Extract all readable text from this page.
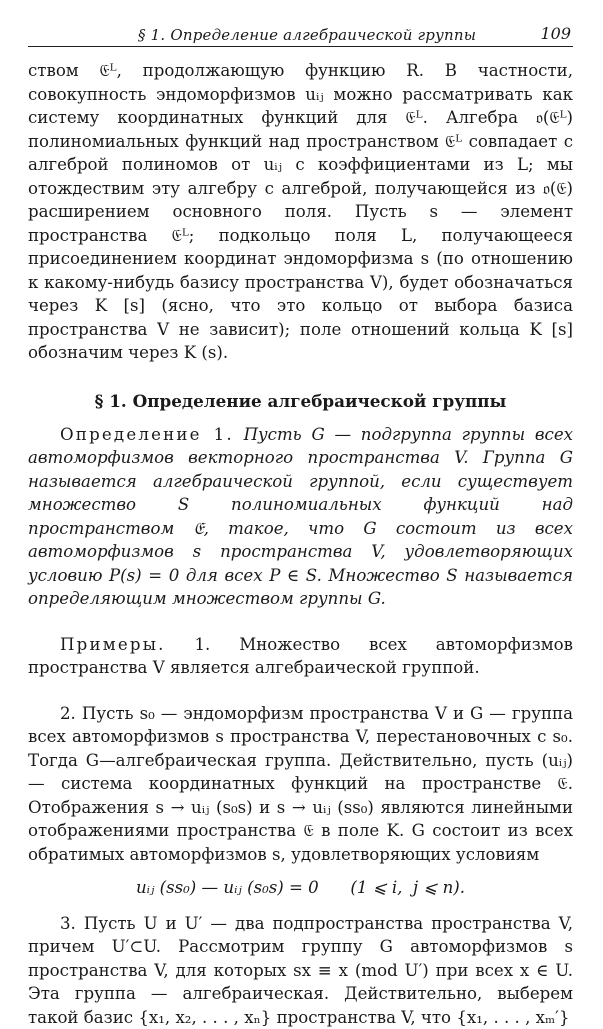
§ 1. Определение алгебраической группы	109

ством 𝔈ᴸ, продолжающую функцию R. В частности, совокупность эндоморфизмов uᵢⱼ можно рассматривать как систему координатных функций для 𝔈ᴸ. Алгебра 𝔬(𝔈ᴸ) полиномиальных функций над пространством 𝔈ᴸ совпадает с алгеброй полиномов от uᵢⱼ с коэффициентами из L; мы отождествим эту алгебру с алгеброй, получающейся из 𝔬(𝔈) расширением основного поля. Пусть s — элемент пространства 𝔈ᴸ; подкольцо поля L, получающееся присоединением координат эндоморфизма s (по отношению к какому-нибудь базису пространства V), будет обозначаться через K [s] (ясно, что это кольцо от выбора базиса пространства V не зависит); поле отношений кольца K [s] обозначим через K (s).

§ 1. Определение алгебраической группы

Определение 1. Пусть G — подгруппа группы всех автоморфизмов векторного пространства V. Группа G называется алгебраической группой, если существует множество S полиномиальных функций над пространством 𝔈, такое, что G состоит из всех автоморфизмов s пространства V, удовлетворяющих условию P(s) = 0 для всех P ∈ S. Множество S называется определяющим множеством группы G.

Примеры. 1. Множество всех автоморфизмов пространства V является алгебраической группой.

2. Пусть s₀ — эндоморфизм пространства V и G — группа всех автоморфизмов s пространства V, перестановочных с s₀. Тогда G—алгебраическая группа. Действительно, пусть (uᵢⱼ) — система координатных функций на пространстве 𝔈. Отображения s → uᵢⱼ (s₀s) и s → uᵢⱼ (ss₀) являются линейными отображениями пространства 𝔈 в поле K. G состоит из всех обратимых автоморфизмов s, удовлетворяющих условиям

uᵢⱼ (ss₀) — uᵢⱼ (s₀s) = 0      (1 ⩽ i,  j ⩽ n).

3. Пусть U и U′ — два подпространства пространства V, причем U′⊂U. Рассмотрим группу G автоморфизмов s пространства V, для которых sx ≡ x (mod U′) при всех x ∈ U. Эта группа — алгебраическая. Действительно, выберем такой базис {x₁, x₂, . . . , xₙ} пространства V, что {x₁, . . . , xₘ′}
